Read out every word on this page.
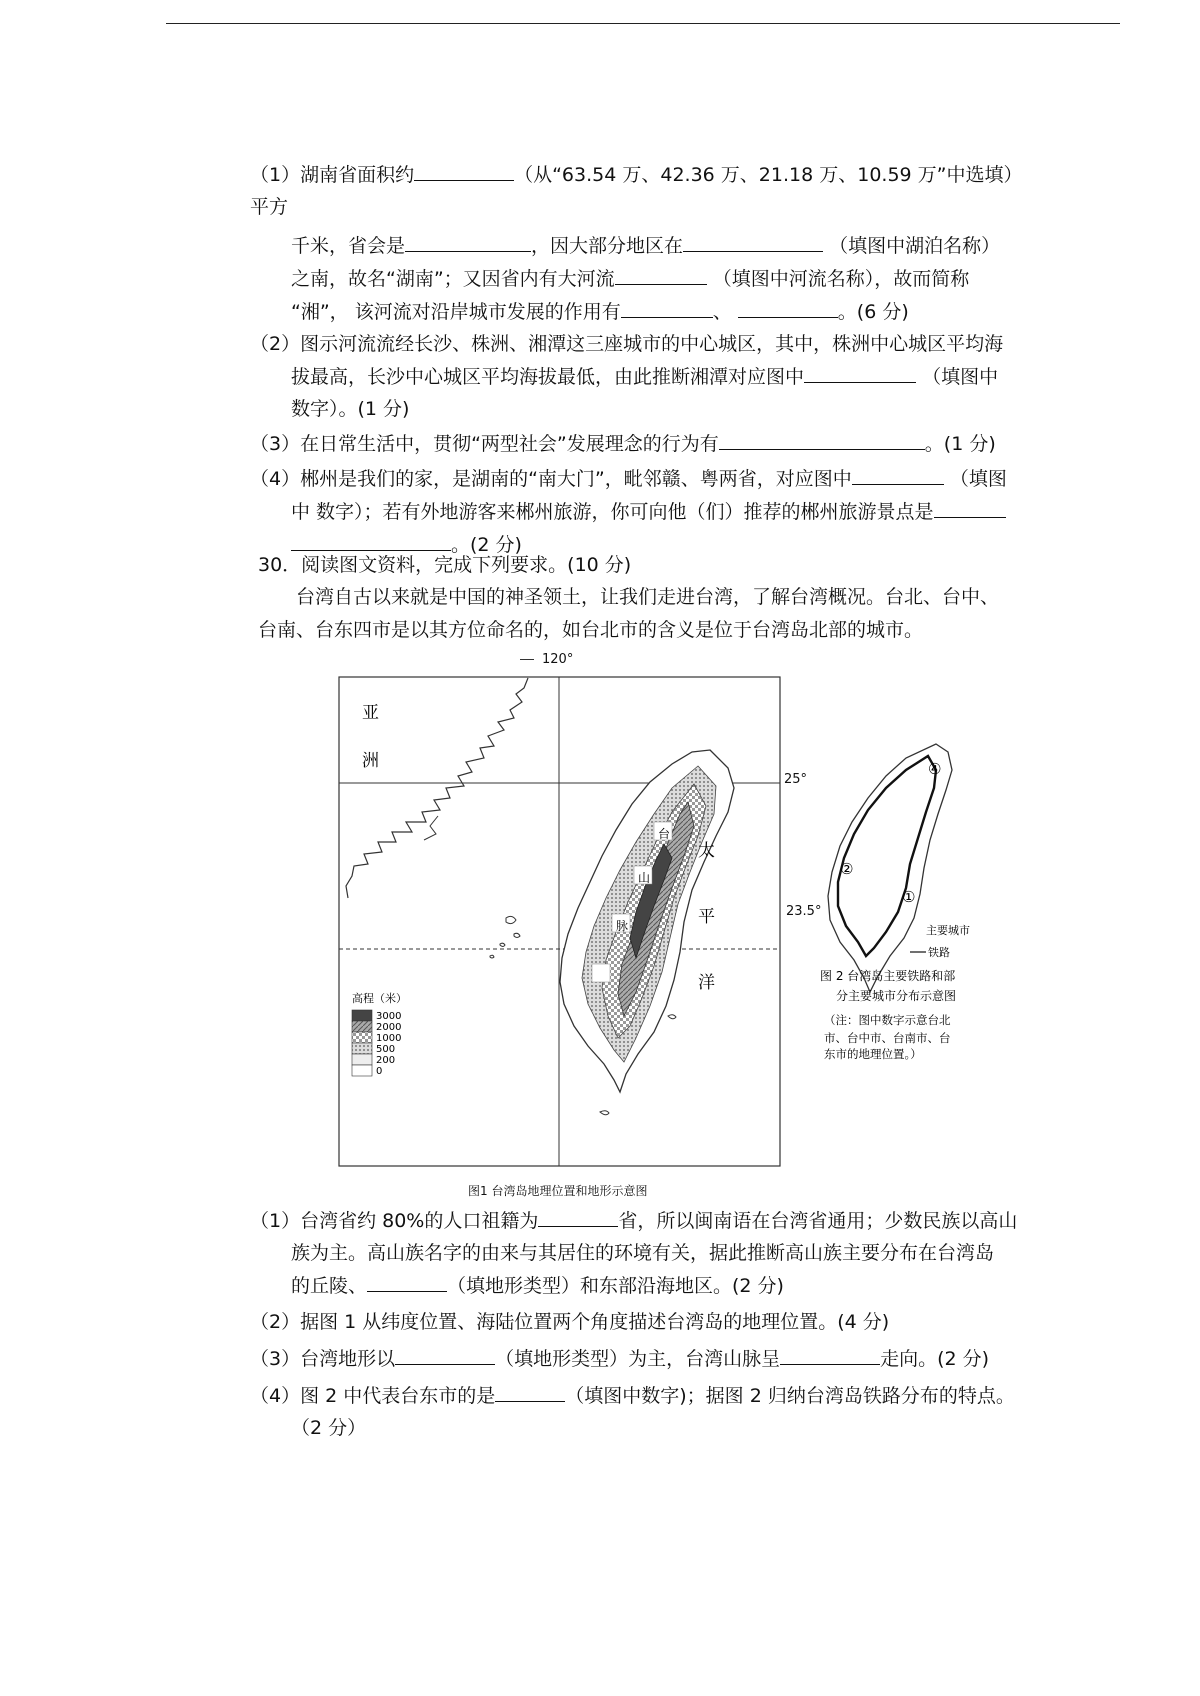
（1）湖南省面积约	（从“63.54 万、42.36 万、21.18 万、10.59 万”中选填）
平方
千米，省会是	，因大部分地区在	（填图中湖泊名称）
之南，故名“湖南”；又因省内有大河流	（填图中河流名称），故而简称
“湘”， 该河流对沿岸城市发展的作用有	、	。(6 分)
（2）图示河流流经长沙、株洲、湘潭这三座城市的中心城区，其中，株洲中心城区平均海
拔最高，长沙中心城区平均海拔最低，由此推断湘潭对应图中	（填图中
数字）。(1 分)
（3）在日常生活中，贯彻“两型社会”发展理念的行为有	。(1 分)
（4）郴州是我们的家，是湖南的“南大门”，毗邻赣、粤两省，对应图中	（填图
中 数字）；若有外地游客来郴州旅游，你可向他（们）推荐的郴州旅游景点是
。(2 分)
30．阅读图文资料，完成下列要求。(10 分)
台湾自古以来就是中国的神圣领土，让我们走进台湾，了解台湾概况。台北、台中、
台南、台东四市是以其方位命名的，如台北市的含义是位于台湾岛北部的城市。
120°
亚
洲
太
平
洋
台
山
脉
高程（米）
3000
2000
1000
500
200
0
25°
23.5°
④
②
①
主要城市
铁路
图 2 台湾岛主要铁路和部
分主要城市分布示意图
（注：图中数字示意台北
市、台中市、台南市、台
东市的地理位置。）
图1 台湾岛地理位置和地形示意图
（1）台湾省约 80%的人口祖籍为	省，所以闽南语在台湾省通用；少数民族以高山
族为主。高山族名字的由来与其居住的环境有关，据此推断高山族主要分布在台湾岛
的丘陵、	（填地形类型）和东部沿海地区。(2 分)
（2）据图 1 从纬度位置、海陆位置两个角度描述台湾岛的地理位置。(4 分)
（3）台湾地形以	（填地形类型）为主，台湾山脉呈	走向。(2 分)
（4）图 2 中代表台东市的是	（填图中数字)；据图 2 归纳台湾岛铁路分布的特点。
（2 分）
